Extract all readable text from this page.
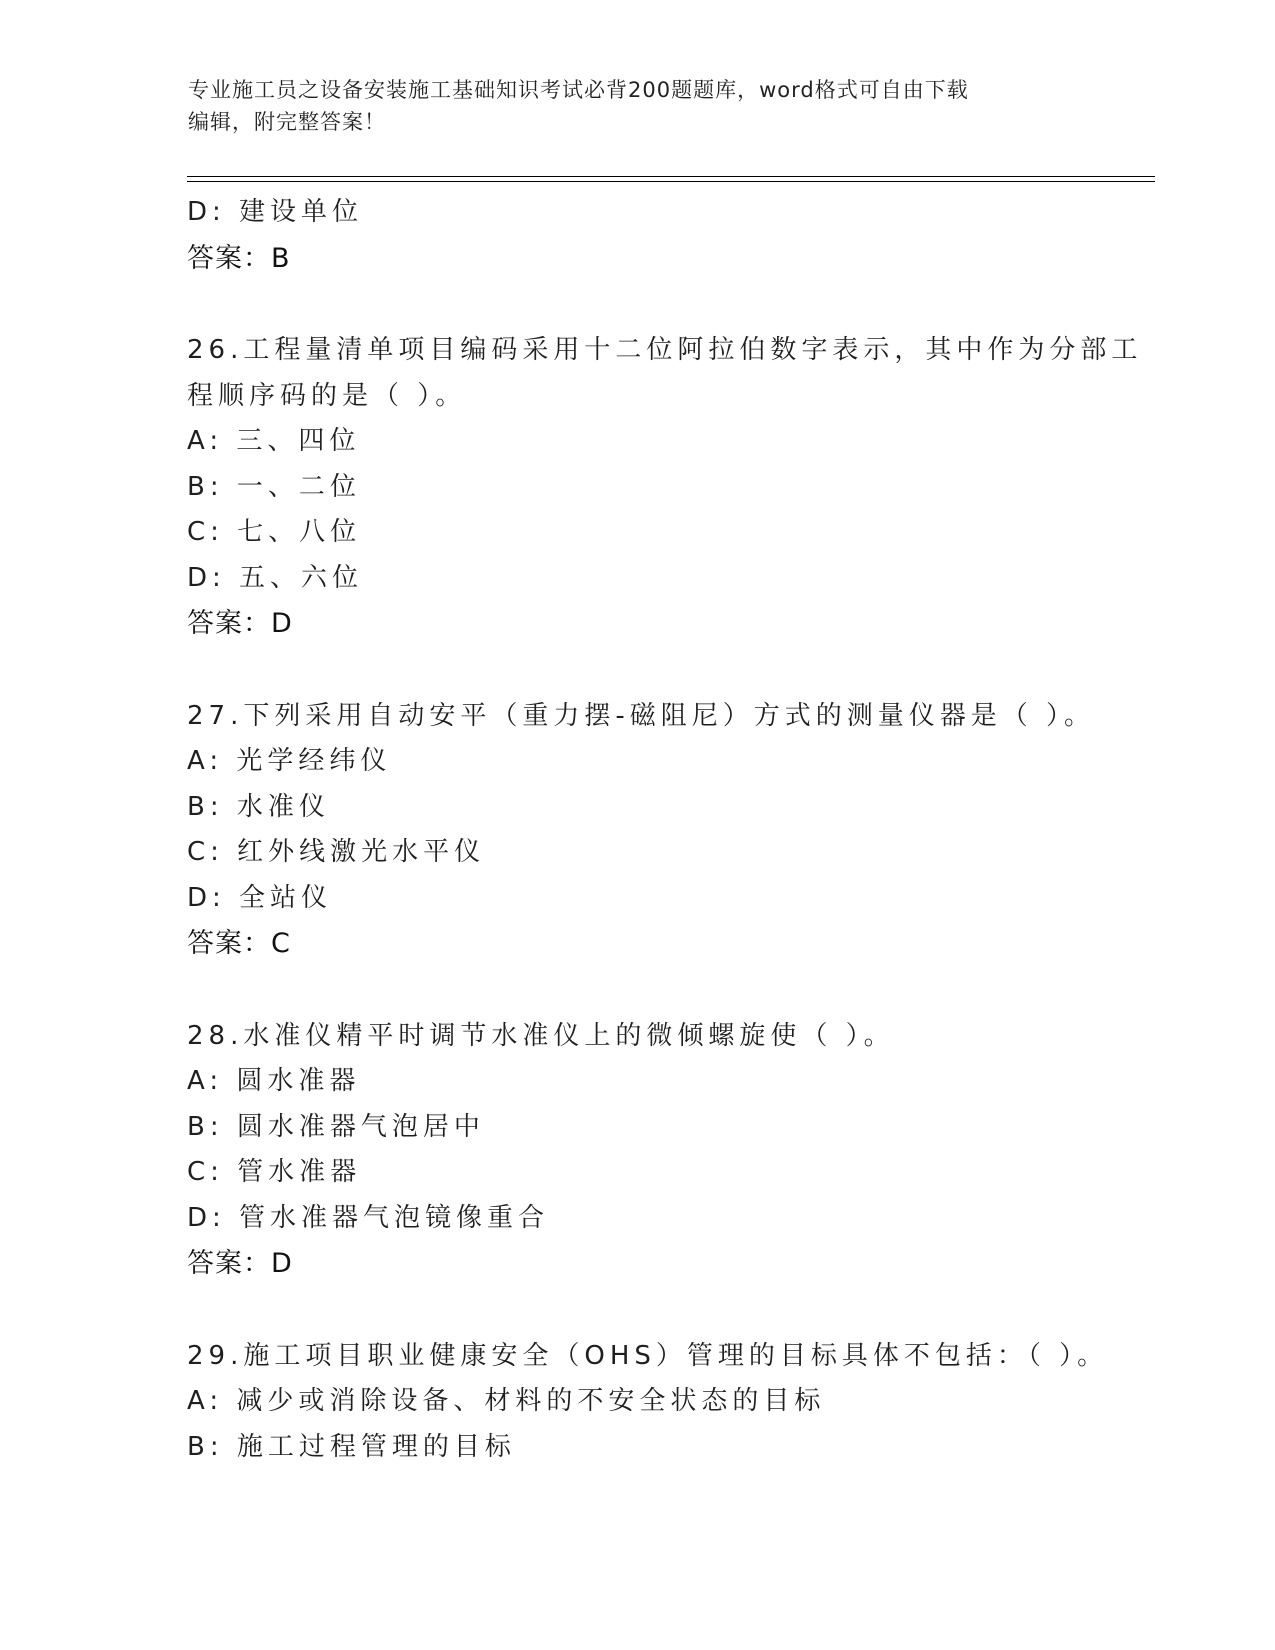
专业施工员之设备安装施工基础知识考试必背200题题库，word格式可自由下载
编辑，附完整答案！
D: 建设单位
答案：B
26.工程量清单项目编码采用十二位阿拉伯数字表示，其中作为分部工
程顺序码的是（ ）。
A: 三、四位
B: 一、二位
C: 七、八位
D: 五、六位
答案：D
27.下列采用自动安平（重力摆-磁阻尼）方式的测量仪器是（ ）。
A: 光学经纬仪
B: 水准仪
C: 红外线激光水平仪
D: 全站仪
答案：C
28.水准仪精平时调节水准仪上的微倾螺旋使（ ）。
A: 圆水准器
B: 圆水准器气泡居中
C: 管水准器
D: 管水准器气泡镜像重合
答案：D
29.施工项目职业健康安全（OHS）管理的目标具体不包括：（ ）。
A: 减少或消除设备、材料的不安全状态的目标
B: 施工过程管理的目标
